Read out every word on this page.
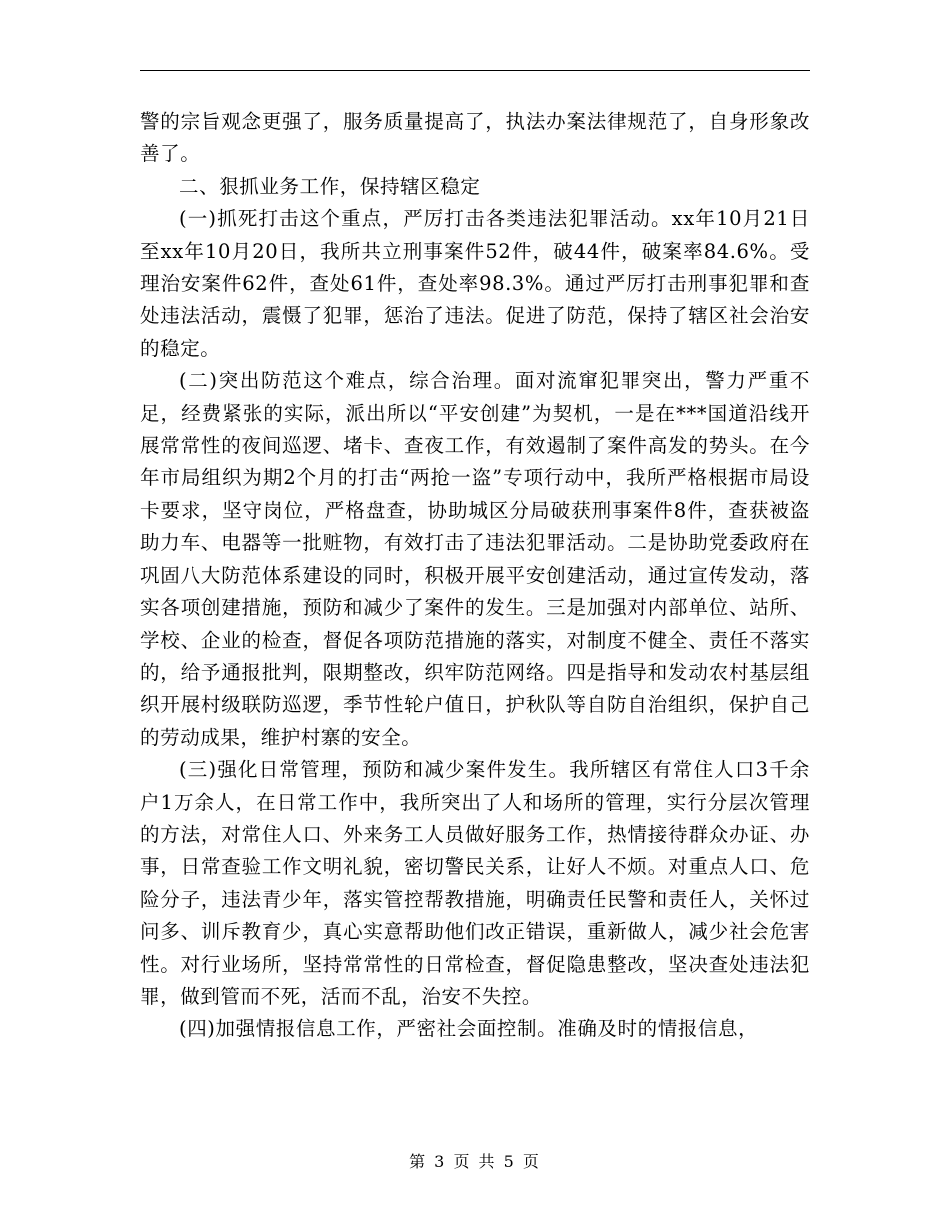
警的宗旨观念更强了，服务质量提高了，执法办案法律规范了，自身形象改善了。

二、狠抓业务工作，保持辖区稳定

(一)抓死打击这个重点，严厉打击各类违法犯罪活动。xx年10月21日至xx年10月20日，我所共立刑事案件52件，破44件，破案率84.6%。受理治安案件62件，查处61件，查处率98.3%。通过严厉打击刑事犯罪和查处违法活动，震慑了犯罪，惩治了违法。促进了防范，保持了辖区社会治安的稳定。

(二)突出防范这个难点，综合治理。面对流窜犯罪突出，警力严重不足，经费紧张的实际，派出所以“平安创建”为契机，一是在***国道沿线开展常常性的夜间巡逻、堵卡、查夜工作，有效遏制了案件高发的势头。在今年市局组织为期2个月的打击“两抢一盗”专项行动中，我所严格根据市局设卡要求，坚守岗位，严格盘查，协助城区分局破获刑事案件8件，查获被盗助力车、电器等一批赃物，有效打击了违法犯罪活动。二是协助党委政府在巩固八大防范体系建设的同时，积极开展平安创建活动，通过宣传发动，落实各项创建措施，预防和减少了案件的发生。三是加强对内部单位、站所、学校、企业的检查，督促各项防范措施的落实，对制度不健全、责任不落实的，给予通报批判，限期整改，织牢防范网络。四是指导和发动农村基层组织开展村级联防巡逻，季节性轮户值日，护秋队等自防自治组织，保护自己的劳动成果，维护村寨的安全。

(三)强化日常管理，预防和减少案件发生。我所辖区有常住人口3千余户1万余人，在日常工作中，我所突出了人和场所的管理，实行分层次管理的方法，对常住人口、外来务工人员做好服务工作，热情接待群众办证、办事，日常查验工作文明礼貌，密切警民关系，让好人不烦。对重点人口、危险分子，违法青少年，落实管控帮教措施，明确责任民警和责任人，关怀过问多、训斥教育少，真心实意帮助他们改正错误，重新做人，减少社会危害性。对行业场所，坚持常常性的日常检查，督促隐患整改，坚决查处违法犯罪，做到管而不死，活而不乱，治安不失控。

(四)加强情报信息工作，严密社会面控制。准确及时的情报信息，

第 3 页 共 5 页
